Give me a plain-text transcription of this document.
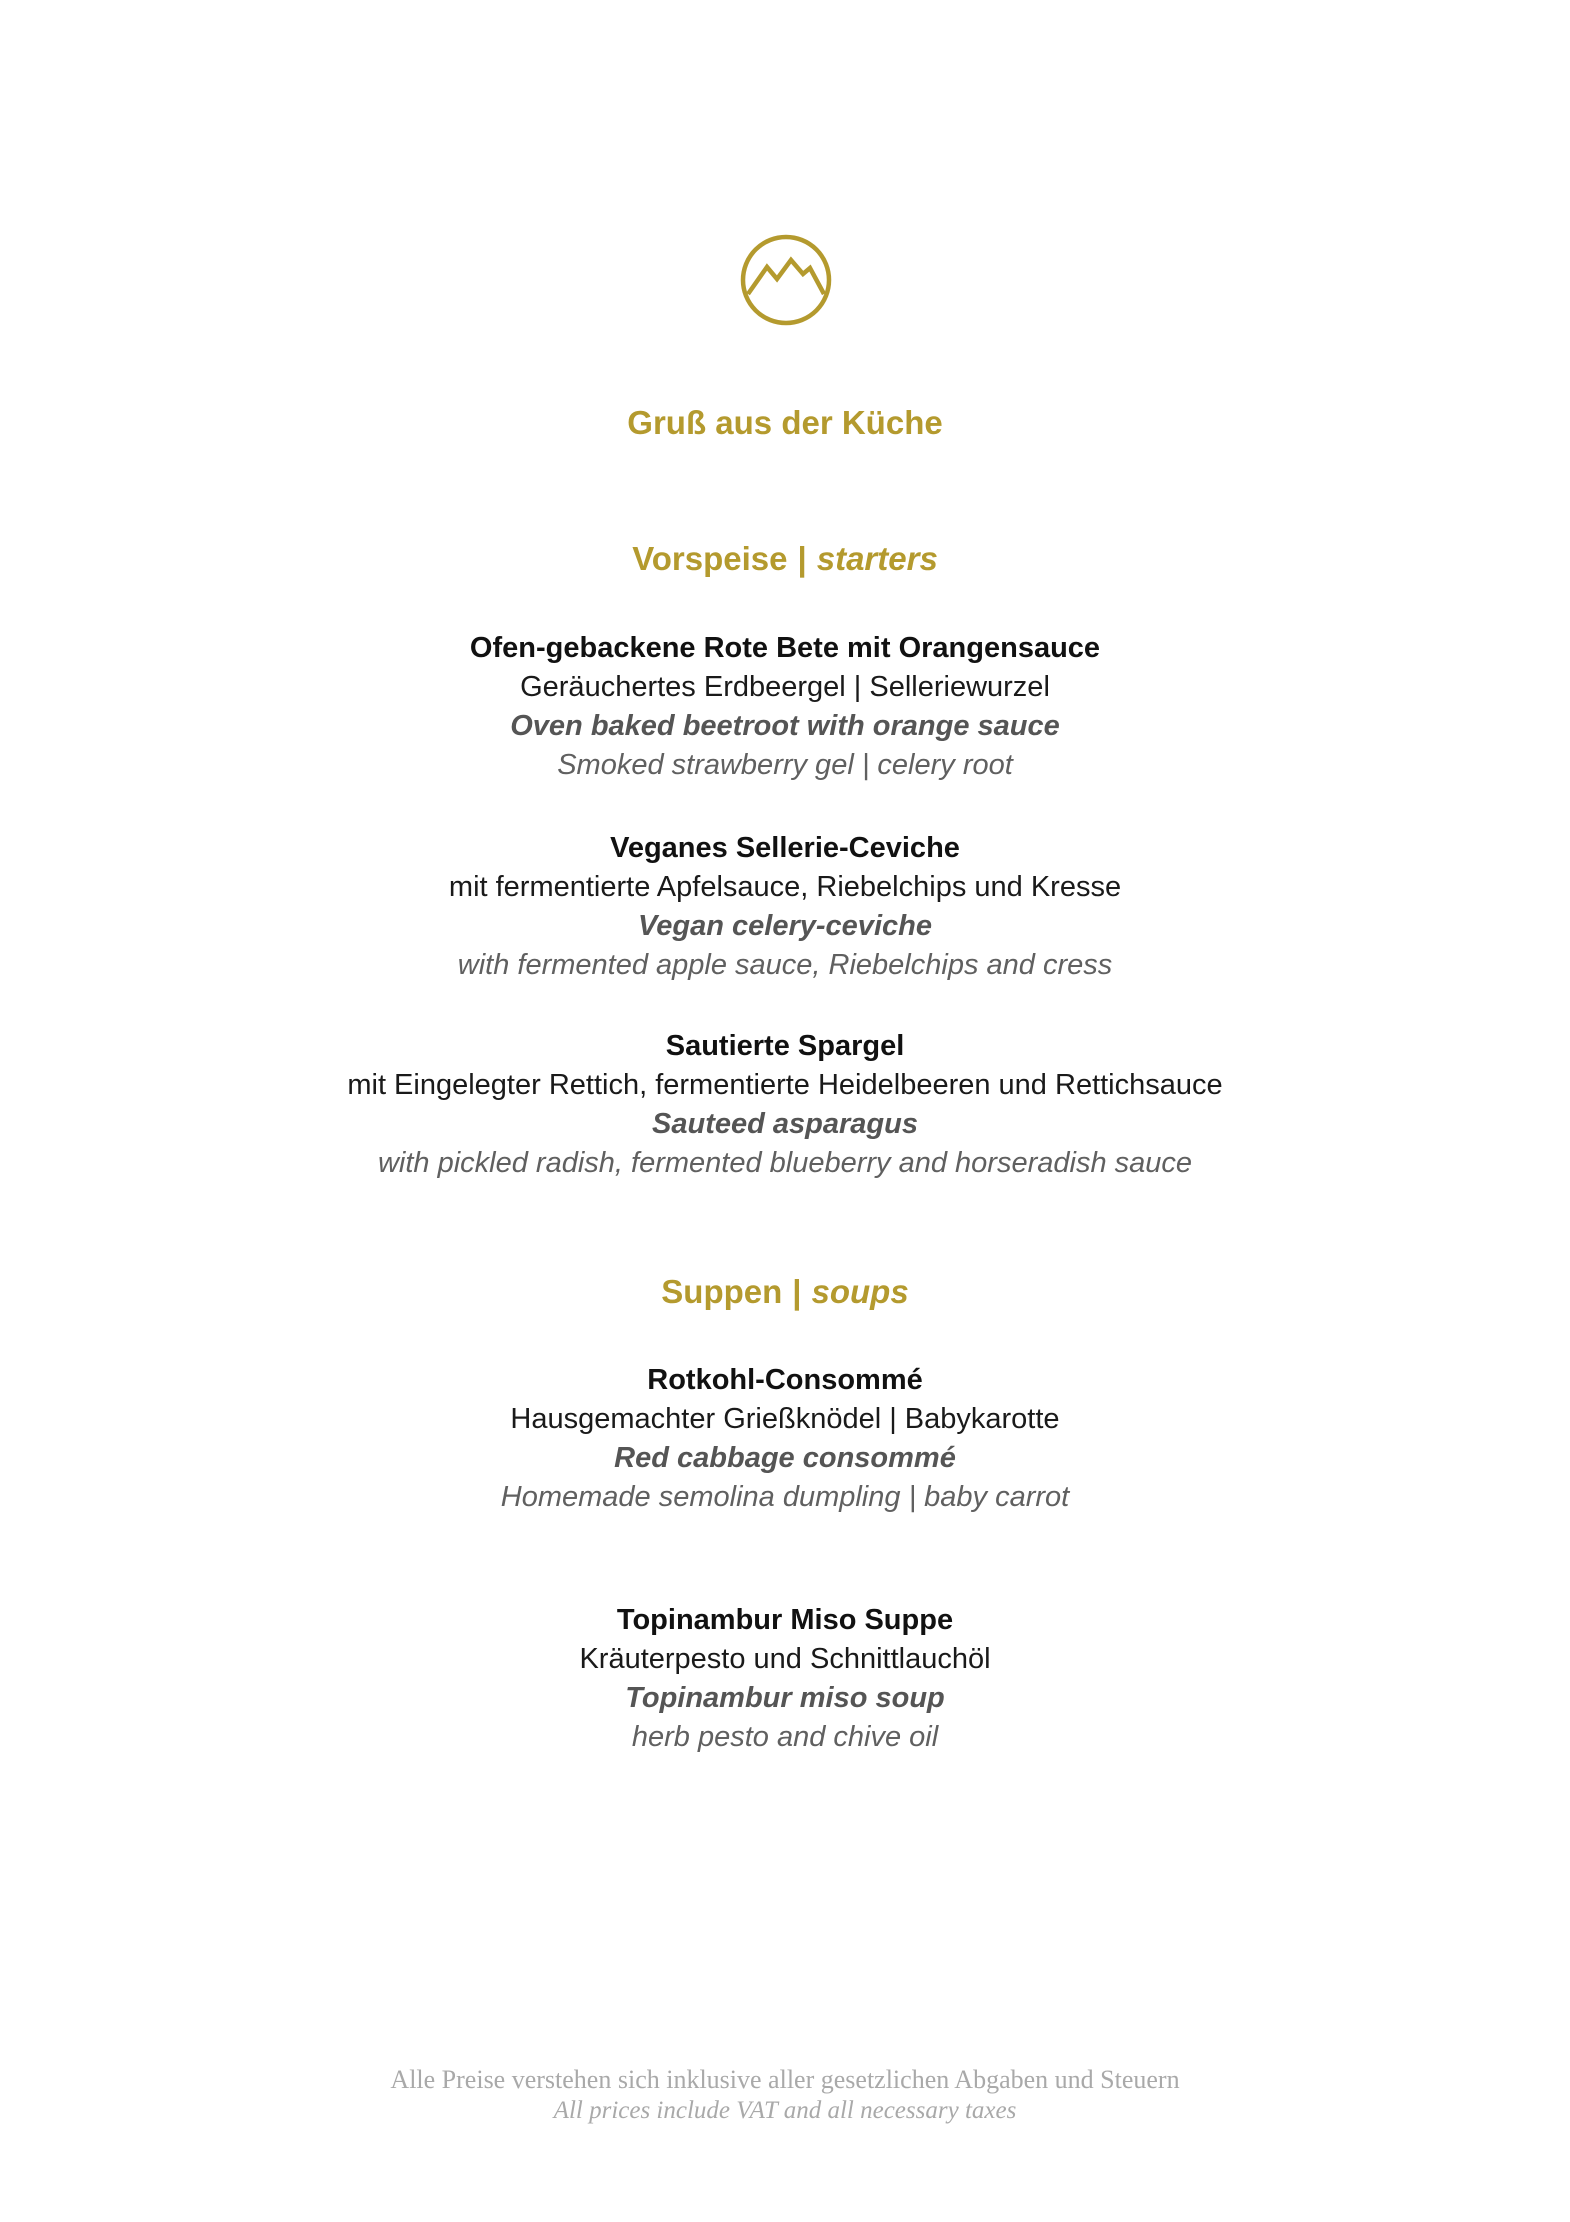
Gruß aus der Küche
Vorspeise | starters
Ofen-gebackene Rote Bete mit Orangensauce
Geräuchertes Erdbeergel | Selleriewurzel
Oven baked beetroot with orange sauce
Smoked strawberry gel | celery root
Veganes Sellerie-Ceviche
mit fermentierte Apfelsauce, Riebelchips und Kresse
Vegan celery-ceviche
with fermented apple sauce, Riebelchips and cress
Sautierte Spargel
mit Eingelegter Rettich, fermentierte Heidelbeeren und Rettichsauce
Sauteed asparagus
with pickled radish, fermented blueberry and horseradish sauce
Suppen | soups
Rotkohl-Consommé
Hausgemachter Grießknödel | Babykarotte
Red cabbage consommé
Homemade semolina dumpling | baby carrot
Topinambur Miso Suppe
Kräuterpesto und Schnittlauchöl
Topinambur miso soup
herb pesto and chive oil
Alle Preise verstehen sich inklusive aller gesetzlichen Abgaben und Steuern
All prices include VAT and all necessary taxes
